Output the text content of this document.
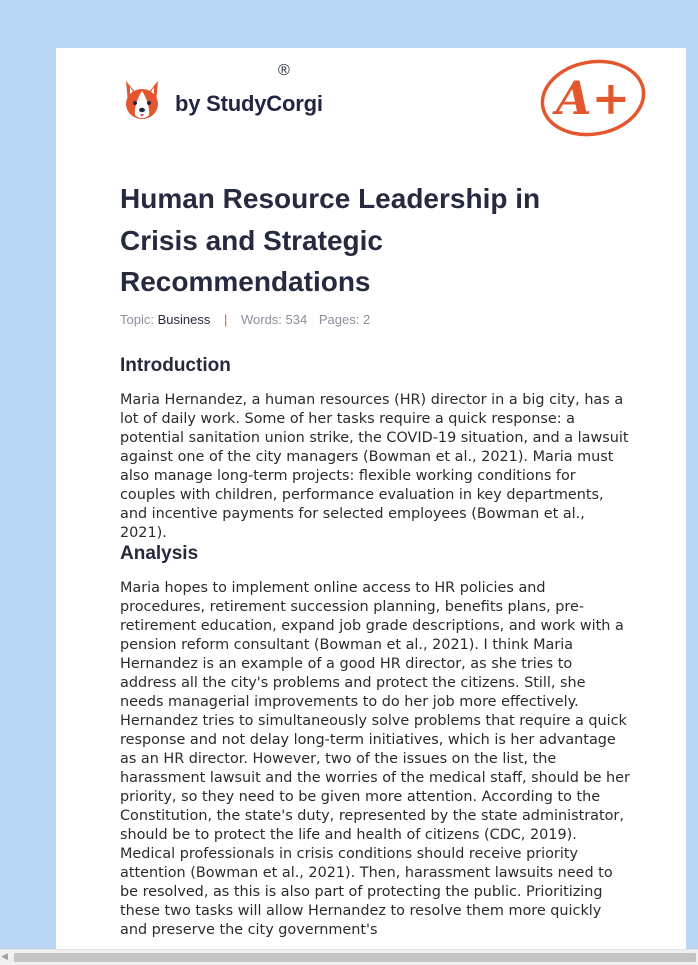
by StudyCorgi
®
A+
Human Resource Leadership in Crisis and Strategic Recommendations
Topic: Business | Words: 534 Pages: 2
Introduction

Maria Hernandez, a human resources (HR) director in a big city, has a lot of daily work. Some of her tasks require a quick response: a potential sanitation union strike, the COVID-19 situation, and a lawsuit against one of the city managers (Bowman et al., 2021). Maria must also manage long-term projects: flexible working conditions for couples with children, performance evaluation in key departments, and incentive payments for selected employees (Bowman et al., 2021).

Analysis

Maria hopes to implement online access to HR policies and procedures, retirement succession planning, benefits plans, pre-retirement education, expand job grade descriptions, and work with a pension reform consultant (Bowman et al., 2021). I think Maria Hernandez is an example of a good HR director, as she tries to address all the city's problems and protect the citizens. Still, she needs managerial improvements to do her job more effectively. Hernandez tries to simultaneously solve problems that require a quick response and not delay long-term initiatives, which is her advantage as an HR director. However, two of the issues on the list, the harassment lawsuit and the worries of the medical staff, should be her priority, so they need to be given more attention. According to the Constitution, the state's duty, represented by the state administrator, should be to protect the life and health of citizens (CDC, 2019). Medical professionals in crisis conditions should receive priority attention (Bowman et al., 2021). Then, harassment lawsuits need to be resolved, as this is also part of protecting the public. Prioritizing these two tasks will allow Hernandez to resolve them more quickly and preserve the city government's

◀
